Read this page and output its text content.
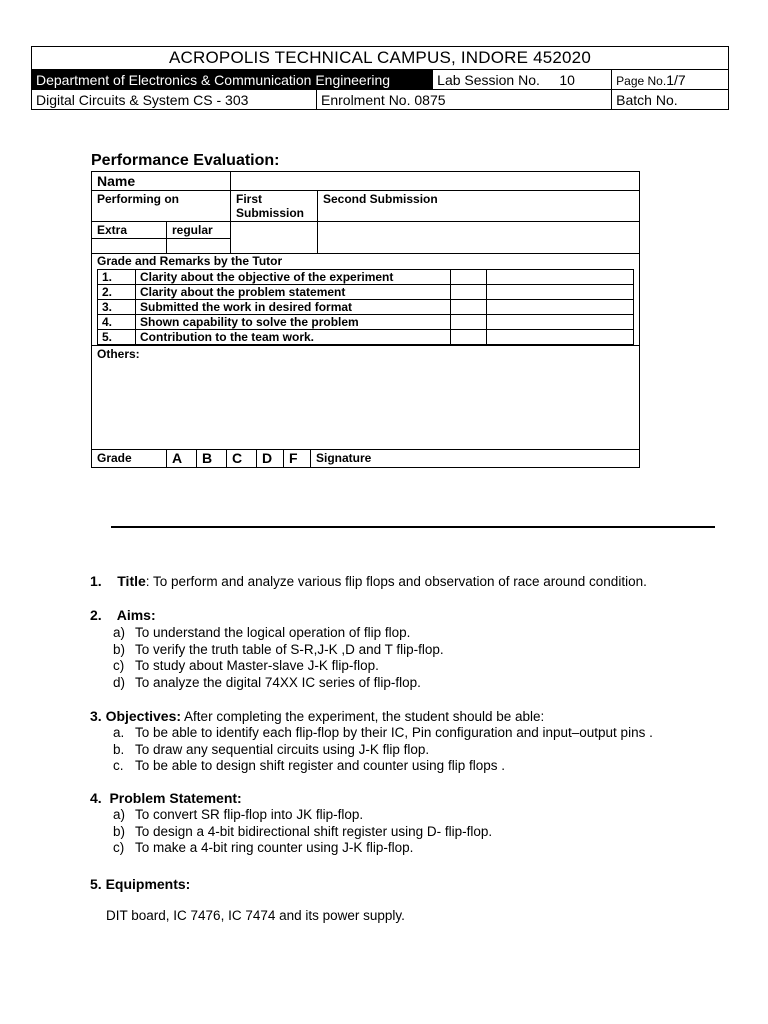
ACROPOLIS TECHNICAL CAMPUS, INDORE 452020			
Department of Electronics & Communication Engineering		Lab Session No. 10	Page No.1/7
Digital Circuits & System CS - 303	Enrolment No. 0875		Batch No.
Performance Evaluation:
Name	
Performing on	First Submission	Second Submission
Extra	regular		

Grade and Remarks by the Tutor
1.	Clarity about the objective of the experiment		
2.	Clarity about the problem statement		
3.	Submitted the work in desired format		
4.	Shown capability to solve the problem		
5.	Contribution to the team work.		

Others:
Grade		A	B	C	D	F	Signature
1. Title: To perform and analyze various flip flops and observation of race around condition.
2.    Aims:
a) To understand the logical operation of flip flop.
b) To verify the truth table of S-R,J-K ,D and T flip-flop.
c) To study about Master-slave J-K flip-flop.
d) To analyze the digital 74XX IC series of flip-flop.
3. Objectives: After completing the experiment, the student should be able:
a. To be able to identify each flip-flop by their IC, Pin configuration and input–output pins .
b. To draw any sequential circuits using J-K flip flop.
c. To be able to design shift register and counter using flip flops .
4.  Problem Statement:
a) To convert SR flip-flop into JK flip-flop.
b) To design a 4-bit bidirectional shift register using D- flip-flop.
c) To make a 4-bit ring counter using J-K flip-flop.
5. Equipments:
DIT board, IC 7476, IC 7474 and its power supply.
